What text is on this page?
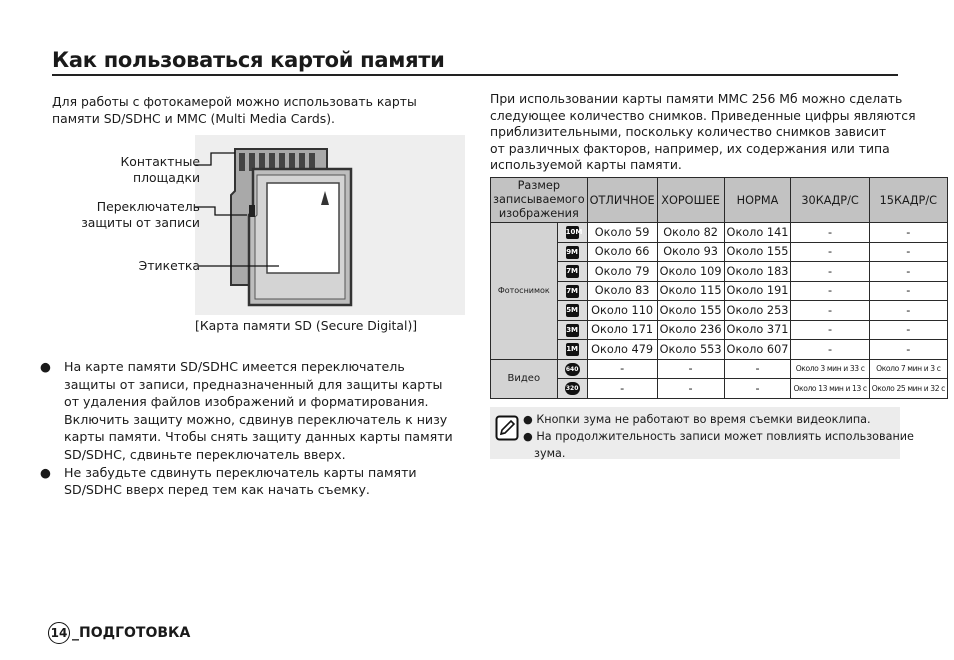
Как пользоваться картой памяти
Для работы с фотокамерой можно использовать карты
памяти SD/SDHC и MMC (Multi Media Cards).
Контактные
площадки
Переключатель
защиты от записи
Этикетка
[Карта памяти SD (Secure Digital)]
● На карте памяти SD/SDHC имеется переключатель
защиты от записи, предназначенный для защиты карты
от удаления файлов изображений и форматирования.
Включить защиту можно, сдвинув переключатель к низу
карты памяти. Чтобы снять защиту данных карты памяти
SD/SDHC, сдвиньте переключатель вверх.
● Не забудьте сдвинуть переключатель карты памяти
SD/SDHC вверх перед тем как начать съемку.
При использовании карты памяти MMC 256 Мб можно сделать
следующее количество снимков. Приведенные цифры являются
приблизительными, поскольку количество снимков зависит
от различных факторов, например, их содержания или типа
используемой карты памяти.
Размер
записываемого
изображения		ОТЛИЧНОЕ	ХОРОШЕЕ	НОРМА	30КАДР/С	15КАДР/С
Фотоснимок	10M	Около 59	Около 82	Около 141	-	-
	9M	Около 66	Около 93	Около 155	-	-
	7M	Около 79	Около 109	Около 183	-	-
	7M	Около 83	Около 115	Около 191	-	-
	5M	Около 110	Около 155	Около 253	-	-
	3M	Около 171	Около 236	Около 371	-	-
	1M	Около 479	Около 553	Около 607	-	-
Видео	640	-	-	-	Около 3 мин и 33 с	Около 7 мин и 3 с
	320	-	-	-	Около 13 мин и 13 с	Около 25 мин и 32 с
● Кнопки зума не работают во время съемки видеоклипа.
● На продолжительность записи может повлиять использование
зума.
14 _ПОДГОТОВКА
